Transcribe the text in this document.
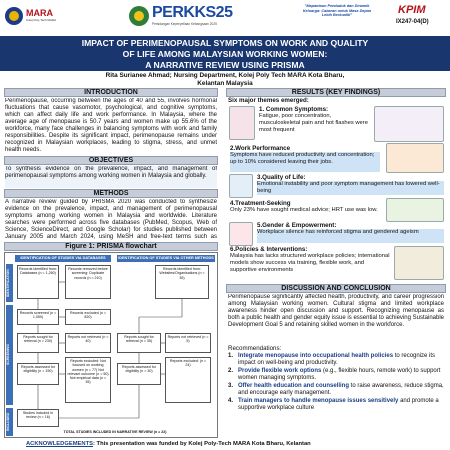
MARA
Kolej Poly-Tech MARA	PERKKS25
Persidangan Kepenyeliaan Kebangsaan 2025
"Mapantaun Penduduk dan Dinamik Keluarga: Cabaran untuk Masa Depan Lebih Berkualiti"	KPIM
IX247-04(D)
IMPACT OF PERIMENOPAUSAL SYMPTOMS ON WORK AND QUALITY
OF LIFE AMONG MALAYSIAN WORKING WOMEN:
A NARRATIVE REVIEW USING PRISMA
Rita Surianee Ahmad; Nursing Department, Kolej Poly Tech MARA Kota Bharu,
Kelantan Malaysia
INTRODUCTION
Perimenopause, occurring between the ages of 40 and 55, involves hormonal fluctuations that cause vasomotor, psychological, and cognitive symptoms, which can affect daily life and work performance. In Malaysia, where the average age of menopause is 50.7 years and women make up 55.6% of the workforce, many face challenges in balancing symptoms with work and family responsibilities. Despite its significant impact, perimenopause remains under recognized in Malaysian workplaces, leading to stigma, stress, and unmet health needs.
OBJECTIVES
To synthesis evidence on the prevalence, impact, and management of perimenopausal symptoms among working women in Malaysia and globally.
METHODS
A narrative review guided by PRISMA 2020 was conducted to synthesize evidence on the prevalence, impact, and management of perimenopausal symptoms among working women in Malaysia and worldwide. Literature searches were performed across five databases (PubMed, Scopus, Web of Science, ScienceDirect, and Google Scholar) for studies published between January 2005 and March 2024, using MeSH and free-text terms such as
Figure 1: PRISMA flowchart
IDENTIFICATION OF STUDIES VIA DATABASES	IDENTIFICATION OF STUDIES VIA OTHER METHODS
IDENTIFICATION
SCREENING
INCLUDED
Records identified from: Databases (n = 1,260)
Records removed before screening: Duplicate records (n = 210)
Records identified from: Websites/Organisations (n = 35)
Records screened (n = 1,050)
Records excluded (n = 820)
Reports sought for retrieval (n = 230)
Reports not retrieved (n = 40)
Reports assessed for eligibility (n = 190)
Reports excluded: Not focused on working women (n = 77) Not relevant outcome (n = 50) Not empirical data (n = 35)
Reports sought for retrieval (n = 35)
Reports not retrieved (n = 5)
Reports assessed for eligibility (n = 30)
Reports excluded: (n = 24)
Studies included in review (n = 16)
TOTAL STUDIES INCLUDED IN NARRATIVE REVIEW (n = 22)
RESULTS (KEY FINDINGS)
Six major themes emerged:
1. Common Symptoms:
Fatigue, poor concentration, musculoskeletal pain and hot flashes were most frequent
2.Work Performance
Symptoms have reduced productivity and concentration; up to 10% considered leaving their jobs.
3.Quality of Life:
Emotional instability and poor symptom management has lowered well-being
4.Treatment-Seeking
Only 23% have sought medical advice; HRT use was low.
5.Gender & Empowerment:
Workplace silence has reinforced stigma and gendered ageism
6.Policies & Interventions:
Malaysia has lacks structured workplace policies; international models show success via training, flexible work, and supportive environments
DISCUSSION AND CONCLUSION
Perimenopause significantly affected health, productivity, and career progression among Malaysian working women. Cultural stigma and limited workplace awareness hinder open discussion and support. Recognizing menopause as both a public health and gender equity issue is essential to achieving Sustainable Development Goal 5 and retaining skilled women in the workforce.
Recommendations:
1. Integrate menopause into occupational health policies to recognize its impact on well-being and productivity.
2. Provide flexible work options (e.g., flexible hours, remote work) to support women managing symptoms.
3. Offer health education and counselling to raise awareness, reduce stigma, and encourage early management.
4. Train managers to handle menopause issues sensitively and promote a supportive workplace culture
ACKNOWLEDGEMENTS: This presentation was funded by Kolej Poly-Tech MARA Kota Bharu, Kelantan
